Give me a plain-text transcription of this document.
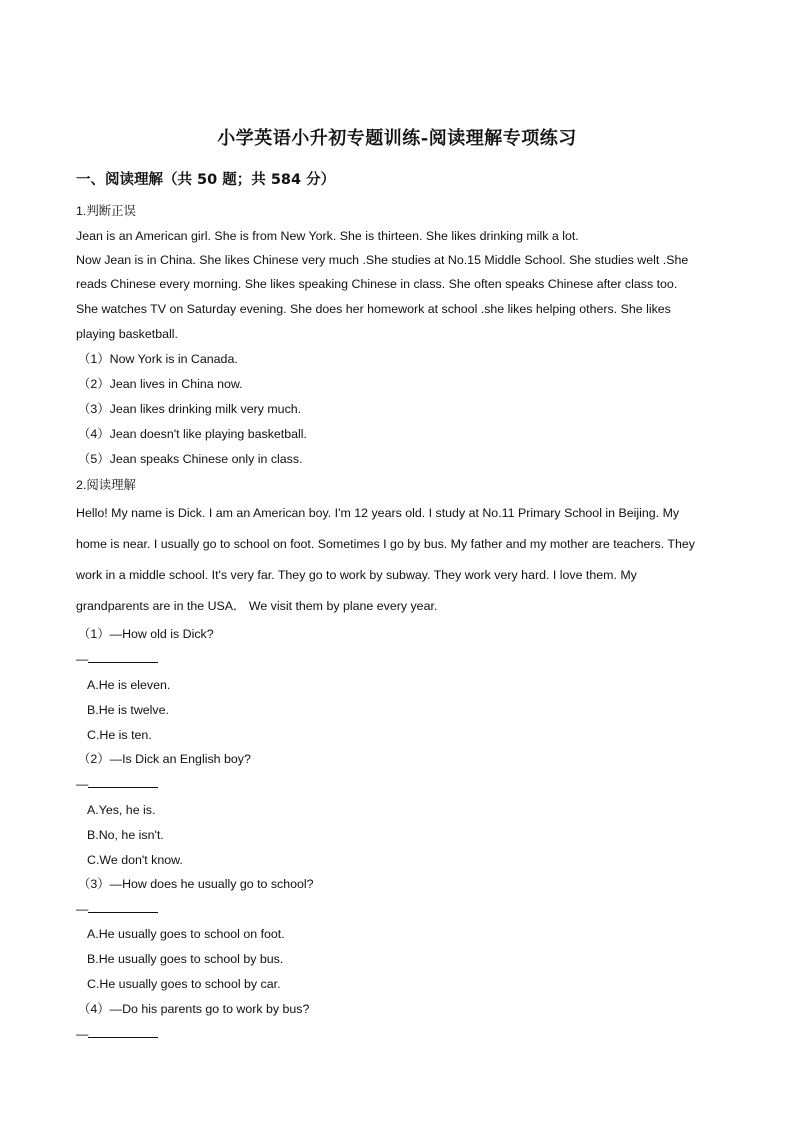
小学英语小升初专题训练-阅读理解专项练习
一、阅读理解（共 50 题；共 584 分）
1.判断正误
Jean is an American girl. She is from New York. She is thirteen. She likes drinking milk a lot.
Now Jean is in China. She likes Chinese very much .She studies at No.15 Middle School. She studies welt .She
reads Chinese every morning. She likes speaking Chinese in class. She often speaks Chinese after class too.
She watches TV on Saturday evening. She does her homework at school .she likes helping others. She likes
playing basketball.
（1）Now York is in Canada.
（2）Jean lives in China now.
（3）Jean likes drinking milk very much.
（4）Jean doesn't like playing basketball.
（5）Jean speaks Chinese only in class.
2.阅读理解
Hello! My name is Dick. I am an American boy. I'm 12 years old. I study at No.11 Primary School in Beijing. My
home is near. I usually go to school on foot. Sometimes I go by bus. My father and my mother are teachers. They
work in a middle school. It's very far. They go to work by subway. They work very hard. I love them. My
grandparents are in the USA． We visit them by plane every year.
（1）—How old is Dick?
—
A.He is eleven.
B.He is twelve.
C.He is ten.
（2）—Is Dick an English boy?
—
A.Yes, he is.
B.No, he isn't.
C.We don't know.
（3）—How does he usually go to school?
—
A.He usually goes to school on foot.
B.He usually goes to school by bus.
C.He usually goes to school by car.
（4）—Do his parents go to work by bus?
—
